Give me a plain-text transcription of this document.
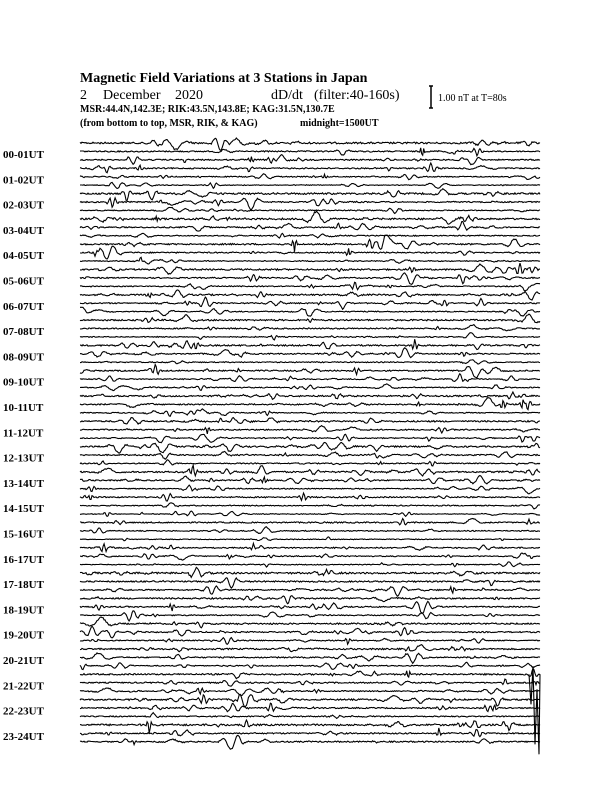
00-01UT
01-02UT
02-03UT
03-04UT
04-05UT
05-06UT
06-07UT
07-08UT
08-09UT
09-10UT
10-11UT
11-12UT
12-13UT
13-14UT
14-15UT
15-16UT
16-17UT
17-18UT
18-19UT
19-20UT
20-21UT
21-22UT
22-23UT
23-24UT
Magnetic Field Variations at 3 Stations in Japan
2 December 2020	dD/dt (filter:40-160s)
MSR:44.4N,142.3E; RIK:43.5N,143.8E; KAG:31.5N,130.7E
(from bottom to top, MSR, RIK, & KAG)	midnight=1500UT
1.00 nT at T=80s
